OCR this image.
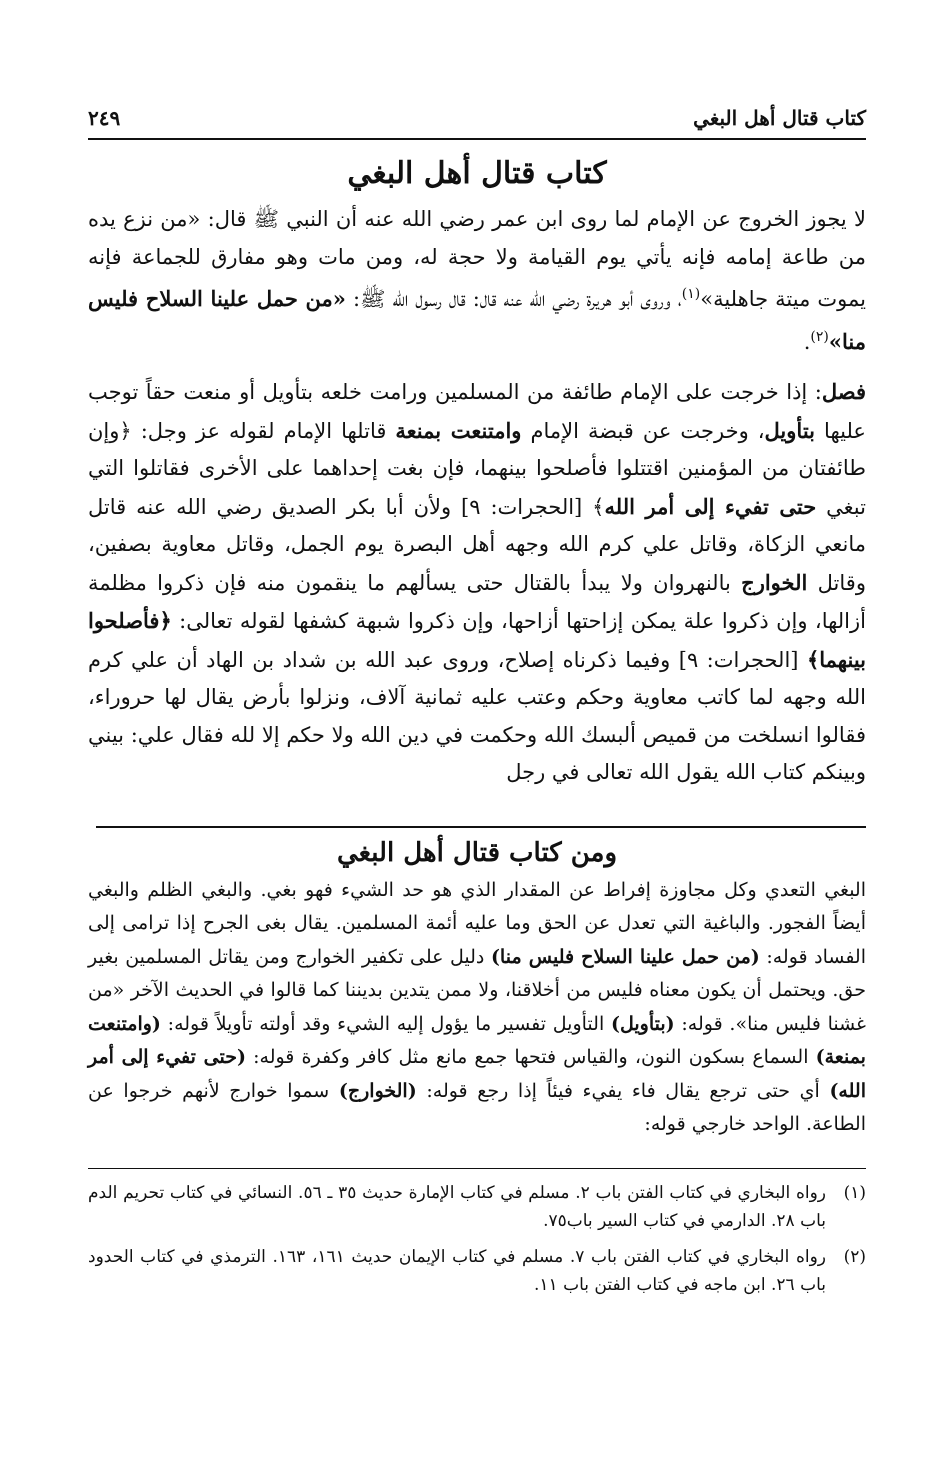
كتاب قتال أهل البغي
٢٤٩
كتاب قتال أهل البغي

لا يجوز الخروج عن الإمام لما روى ابن عمر رضي الله عنه أن النبي ﷺ قال: «من نزع يده من طاعة إمامه فإنه يأتي يوم القيامة ولا حجة له، ومن مات وهو مفارق للجماعة فإنه يموت ميتة جاهلية»$^{(١)}$، وروى أبو هريرة رضي الله عنه قال: قال رسول الله ﷺ: «من حمل علينا السلاح فليس منا»$^{(٢)}$.

فصل: إذا خرجت على الإمام طائفة من المسلمين ورامت خلعه بتأويل أو منعت حقاً توجب عليها بتأويل، وخرجت عن قبضة الإمام وامتنعت بمنعة قاتلها الإمام لقوله عز وجل: ﴿وإن طائفتان من المؤمنين اقتتلوا فأصلحوا بينهما، فإن بغت إحداهما على الأخرى فقاتلوا التي تبغي حتى تفيء إلى أمر الله﴾ [الحجرات: ٩] ولأن أبا بكر الصديق رضي الله عنه قاتل مانعي الزكاة، وقاتل علي كرم الله وجهه أهل البصرة يوم الجمل، وقاتل معاوية بصفين، وقاتل الخوارج بالنهروان ولا يبدأ بالقتال حتى يسألهم ما ينقمون منه فإن ذكروا مظلمة أزالها، وإن ذكروا علة يمكن إزاحتها أزاحها، وإن ذكروا شبهة كشفها لقوله تعالى: ﴿فأصلحوا بينهما﴾ [الحجرات: ٩] وفيما ذكرناه إصلاح، وروى عبد الله بن شداد بن الهاد أن علي كرم الله وجهه لما كاتب معاوية وحكم وعتب عليه ثمانية آلاف، ونزلوا بأرض يقال لها حروراء، فقالوا انسلخت من قميص ألبسك الله وحكمت في دين الله ولا حكم إلا لله فقال علي: بيني وبينكم كتاب الله يقول الله تعالى في رجل

ومن كتاب قتال أهل البغي

البغي التعدي وكل مجاوزة إفراط عن المقدار الذي هو حد الشيء فهو بغي. والبغي الظلم والبغي أيضاً الفجور. والباغية التي تعدل عن الحق وما عليه أئمة المسلمين. يقال بغى الجرح إذا ترامى إلى الفساد قوله: (من حمل علينا السلاح فليس منا) دليل على تكفير الخوارج ومن يقاتل المسلمين بغير حق. ويحتمل أن يكون معناه فليس من أخلاقنا، ولا ممن يتدين بديننا كما قالوا في الحديث الآخر «من غشنا فليس منا». قوله: (بتأويل) التأويل تفسير ما يؤول إليه الشيء وقد أولته تأويلاً قوله: (وامتنعت بمنعة) السماع بسكون النون، والقياس فتحها جمع مانع مثل كافر وكفرة قوله: (حتى تفيء إلى أمر الله) أي حتى ترجع يقال فاء يفيء فيئاً إذا رجع قوله: (الخوارج) سموا خوارج لأنهم خرجوا عن الطاعة. الواحد خارجي قوله:

(١)
رواه البخاري في كتاب الفتن باب ٢. مسلم في كتاب الإمارة حديث ٣٥ ـ ٥٦. النسائي في كتاب تحريم الدم باب ٢٨. الدارمي في كتاب السير باب٧٥.
(٢)
رواه البخاري في كتاب الفتن باب ٧. مسلم في كتاب الإيمان حديث ١٦١، ١٦٣. الترمذي في كتاب الحدود باب ٢٦. ابن ماجه في كتاب الفتن باب ١١.
